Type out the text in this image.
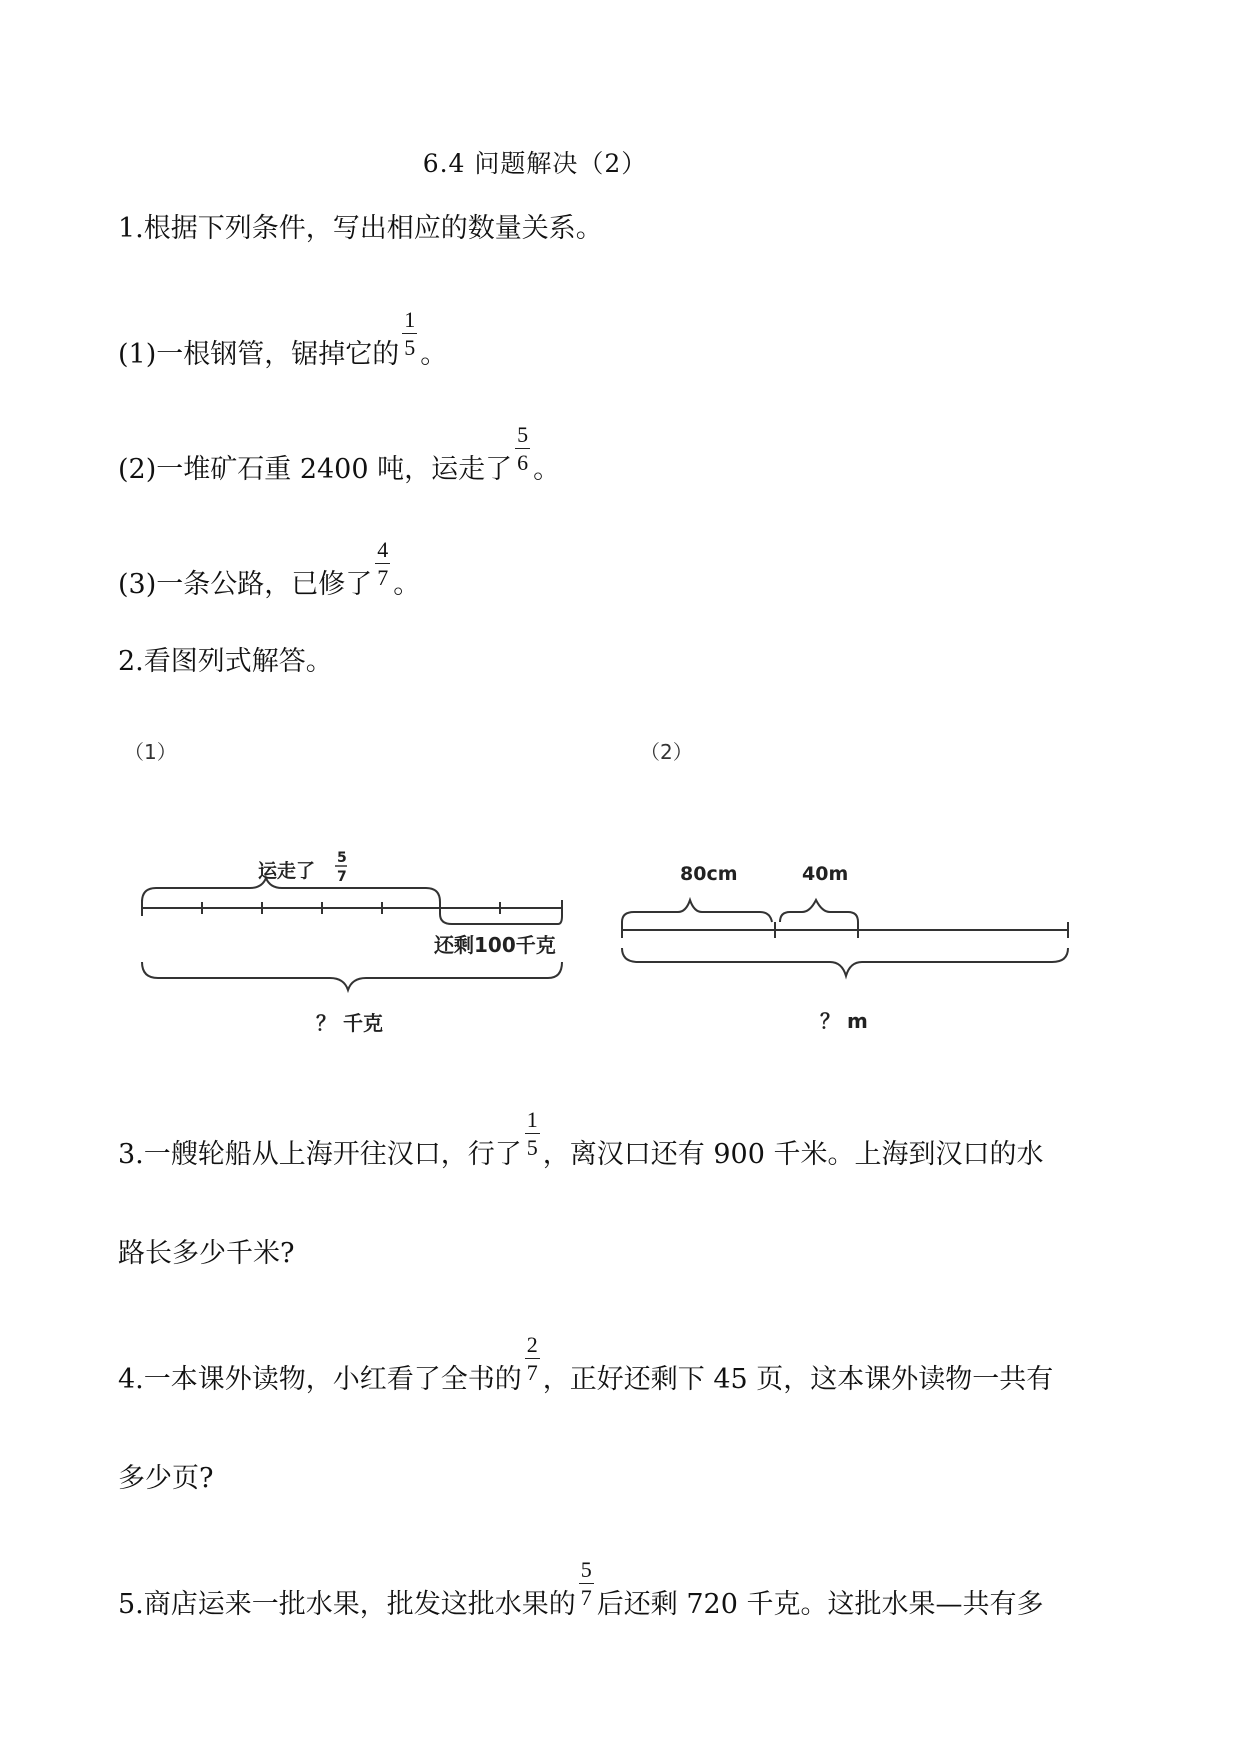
6.4 问题解决（2）
1.根据下列条件，写出相应的数量关系。
(1)一根钢管，锯掉它的 $\frac{1}{5}$ 。
(2)一堆矿石重 2400 吨，运走了 $\frac{5}{6}$ 。
(3)一条公路，已修了 $\frac{4}{7}$ 。
2.看图列式解答。
（1）	（2）
运走了
5
7
还剩100千克
？ 千克
80cm	40m
？ m
3.一艘轮船从上海开往汉口，行了 $\frac{1}{5}$ ，离汉口还有 900 千米。上海到汉口的水
路长多少千米?
4.一本课外读物，小红看了全书的 $\frac{2}{7}$ ，正好还剩下 45 页，这本课外读物一共有
多少页?
5.商店运来一批水果，批发这批水果的 $\frac{5}{7}$ 后还剩 720 千克。这批水果—共有多
